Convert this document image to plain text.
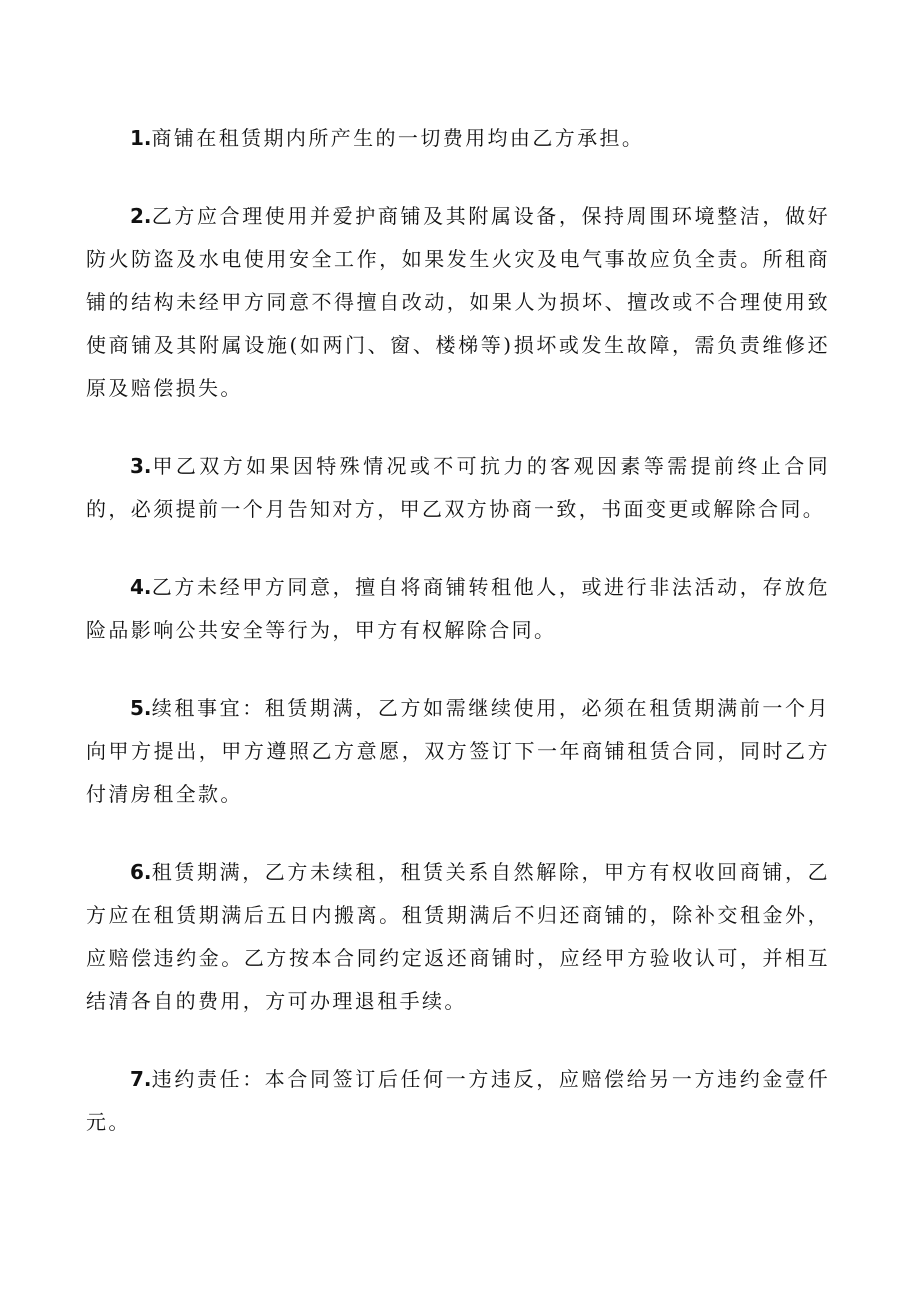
1.商铺在租赁期内所产生的一切费用均由乙方承担。

2.乙方应合理使用并爱护商铺及其附属设备，保持周围环境整洁，做好防火防盗及水电使用安全工作，如果发生火灾及电气事故应负全责。所租商铺的结构未经甲方同意不得擅自改动，如果人为损坏、擅改或不合理使用致使商铺及其附属设施(如两门、窗、楼梯等)损坏或发生故障，需负责维修还原及赔偿损失。

3.甲乙双方如果因特殊情况或不可抗力的客观因素等需提前终止合同的，必须提前一个月告知对方，甲乙双方协商一致，书面变更或解除合同。

4.乙方未经甲方同意，擅自将商铺转租他人，或进行非法活动，存放危险品影响公共安全等行为，甲方有权解除合同。

5.续租事宜：租赁期满，乙方如需继续使用，必须在租赁期满前一个月向甲方提出，甲方遵照乙方意愿，双方签订下一年商铺租赁合同，同时乙方付清房租全款。

6.租赁期满，乙方未续租，租赁关系自然解除，甲方有权收回商铺，乙方应在租赁期满后五日内搬离。租赁期满后不归还商铺的，除补交租金外，应赔偿违约金。乙方按本合同约定返还商铺时，应经甲方验收认可，并相互结清各自的费用，方可办理退租手续。

7.违约责任：本合同签订后任何一方违反，应赔偿给另一方违约金壹仟元。
